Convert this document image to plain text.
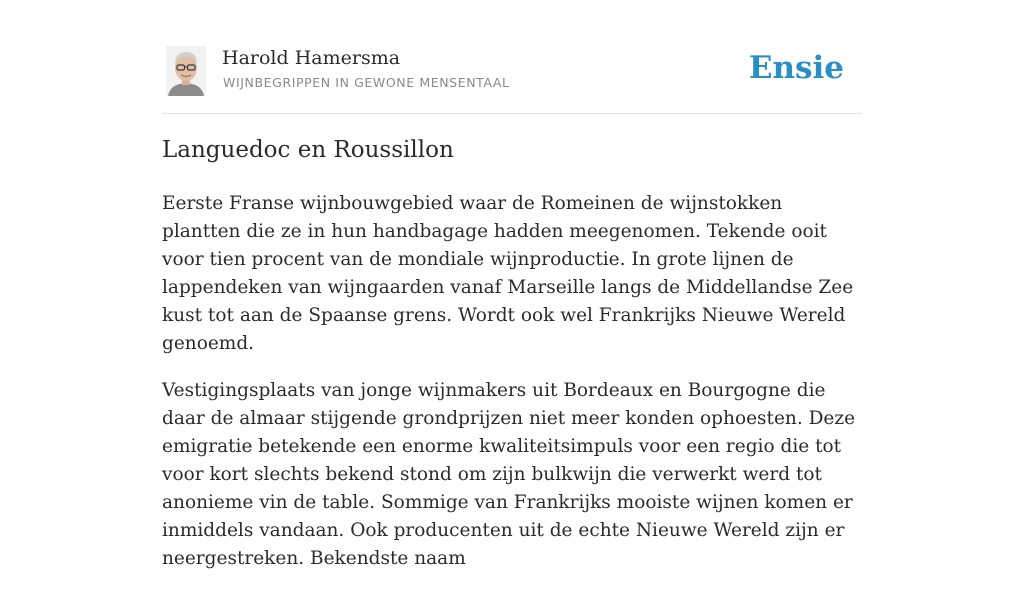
Harold Hamersma
WIJNBEGRIPPEN IN GEWONE MENSENTAAL	Ensie
Languedoc en Roussillon

Eerste Franse wijnbouwgebied waar de Romeinen de wijnstokken plantten die ze in hun handbagage hadden meegenomen. Tekende ooit voor tien procent van de mondiale wijnproductie. In grote lijnen de lappendeken van wijngaarden vanaf Marseille langs de Middellandse Zee kust tot aan de Spaanse grens. Wordt ook wel Frankrijks Nieuwe Wereld genoemd.

Vestigingsplaats van jonge wijnmakers uit Bordeaux en Bourgogne die daar de almaar stijgende grondprijzen niet meer konden ophoesten. Deze emigratie betekende een enorme kwaliteitsimpuls voor een regio die tot voor kort slechts bekend stond om zijn bulkwijn die verwerkt werd tot anonieme vin de table. Sommige van Frankrijks mooiste wijnen komen er inmiddels vandaan. Ook producenten uit de echte Nieuwe Wereld zijn er neergestreken. Bekendste naam
